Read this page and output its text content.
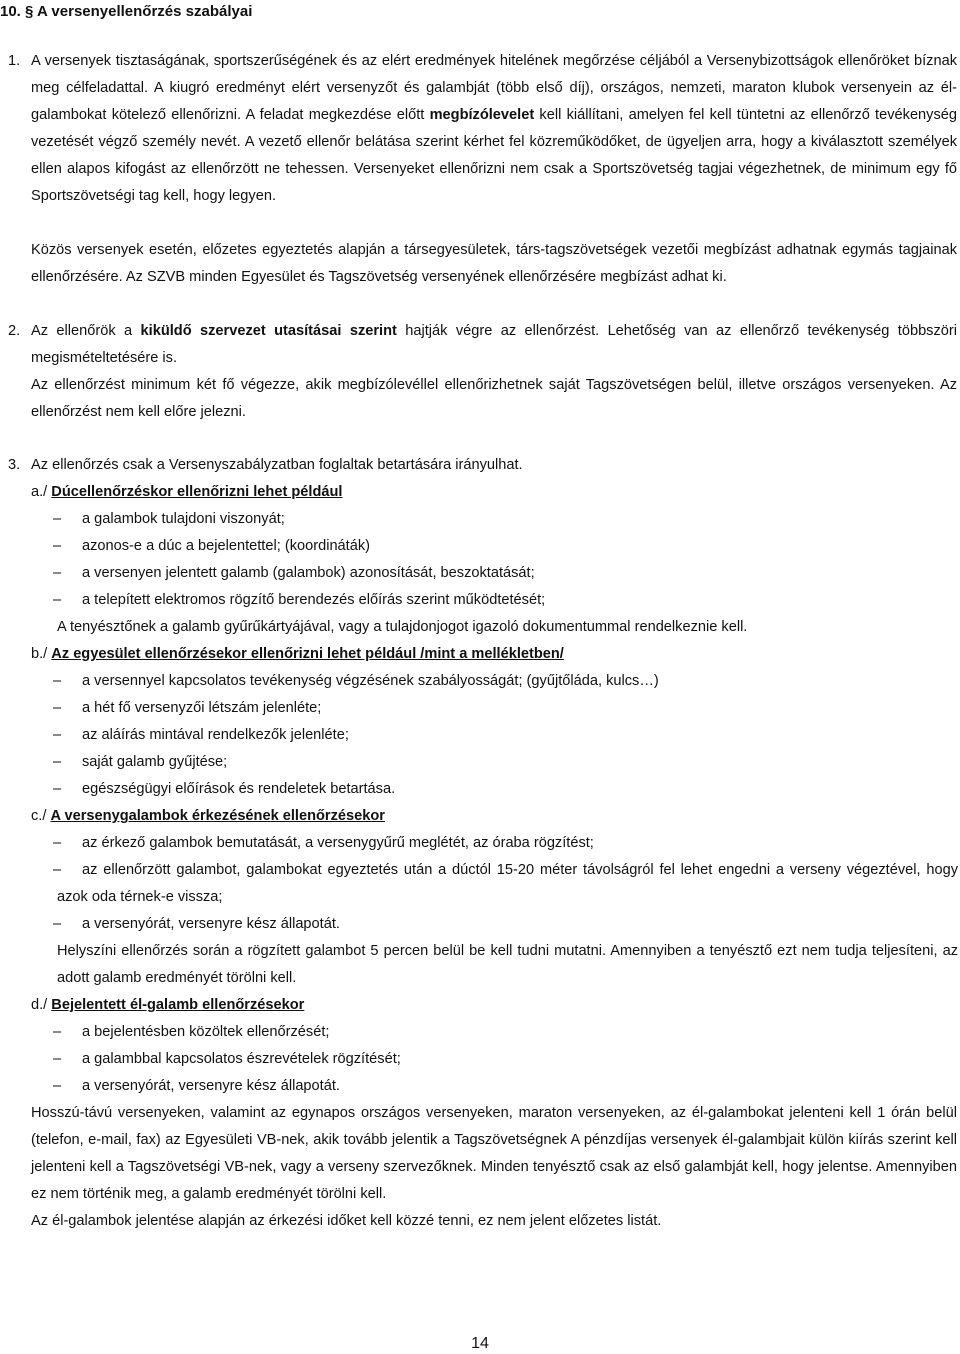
10. § A versenyellenőrzés szabályai
1. A versenyek tisztaságának, sportszerűségének és az elért eredmények hitelének megőrzése céljából a Versenybizottságok ellenőröket bíznak meg célfeladattal. A kiugró eredményt elért versenyzőt és galambját (több első díj), országos, nemzeti, maraton klubok versenyein az él-galambokat kötelező ellenőrizni. A feladat megkezdése előtt megbízólevelet kell kiállítani, amelyen fel kell tüntetni az ellenőrző tevékenység vezetését végző személy nevét. A vezető ellenőr belátása szerint kérhet fel közreműködőket, de ügyeljen arra, hogy a kiválasztott személyek ellen alapos kifogást az ellenőrzött ne tehessen. Versenyeket ellenőrizni nem csak a Sportszövetség tagjai végezhetnek, de minimum egy fő Sportszövetségi tag kell, hogy legyen.

Közös versenyek esetén, előzetes egyeztetés alapján a társegyesületek, társ-tagszövetségek vezetői megbízást adhatnak egymás tagjainak ellenőrzésére. Az SZVB minden Egyesület és Tagszövetség versenyének ellenőrzésére megbízást adhat ki.

2. Az ellenőrök a kiküldő szervezet utasításai szerint hajtják végre az ellenőrzést. Lehetőség van az ellenőrző tevékenység többszöri megismételtetésére is.

Az ellenőrzést minimum két fő végezze, akik megbízólevéllel ellenőrizhetnek saját Tagszövetségen belül, illetve országos versenyeken. Az ellenőrzést nem kell előre jelezni.

3. Az ellenőrzés csak a Versenyszabályzatban foglaltak betartására irányulhat.

a./ Dúcellenőrzéskor ellenőrizni lehet például
– a galambok tulajdoni viszonyát;
– azonos-e a dúc a bejelentettel; (koordináták)
– a versenyen jelentett galamb (galambok) azonosítását, beszoktatását;
– a telepített elektromos rögzítő berendezés előírás szerint működtetését;
A tenyésztőnek a galamb gyűrűkártyájával, vagy a tulajdonjogot igazoló dokumentummal rendelkeznie kell.
b./ Az egyesület ellenőrzésekor ellenőrizni lehet például /mint a mellékletben/
– a versennyel kapcsolatos tevékenység végzésének szabályosságát; (gyűjtőláda, kulcs…)
– a hét fő versenyzői létszám jelenléte;
– az aláírás mintával rendelkezők jelenléte;
– saját galamb gyűjtése;
– egészségügyi előírások és rendeletek betartása.
c./ A versenygalambok érkezésének ellenőrzésekor
– az érkező galambok bemutatását, a versenygyűrű meglétét, az óraba rögzítést;
–	az ellenőrzött galambot, galambokat egyeztetés után a dúctól 15-20 méter távolságról fel lehet engedni a verseny végeztével, hogy azok oda térnek-e vissza;
– a versenyórát, versenyre kész állapotát.
Helyszíni ellenőrzés során a rögzített galambot 5 percen belül be kell tudni mutatni. Amennyiben a tenyésztő ezt nem tudja teljesíteni, az adott galamb eredményét törölni kell.
d./ Bejelentett él-galamb ellenőrzésekor
– a bejelentésben közöltek ellenőrzését;
– a galambbal kapcsolatos észrevételek rögzítését;
– a versenyórát, versenyre kész állapotát.

Hosszú-távú versenyeken, valamint az egynapos országos versenyeken, maraton versenyeken, az él-galambokat jelenteni kell 1 órán belül (telefon, e-mail, fax) az Egyesületi VB-nek, akik tovább jelentik a Tagszövetségnek A pénzdíjas versenyek él-galambjait külön kiírás szerint kell jelenteni kell a Tagszövetségi VB-nek, vagy a verseny szervezőknek. Minden tenyésztő csak az első galambját kell, hogy jelentse. Amennyiben ez nem történik meg, a galamb eredményét törölni kell.

Az él-galambok jelentése alapján az érkezési időket kell közzé tenni, ez nem jelent előzetes listát.

14
